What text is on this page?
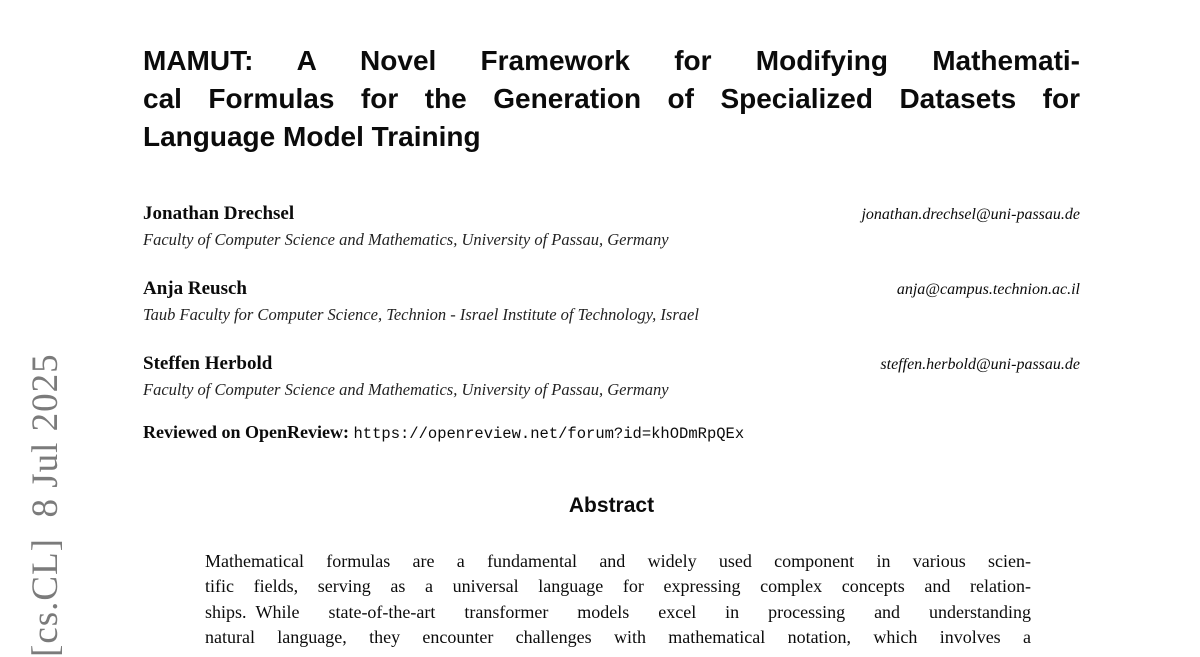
[cs.CL]  8 Jul 2025
MAMUT: A Novel Framework for Modifying Mathemati-
cal Formulas for the Generation of Specialized Datasets for
Language Model Training
Jonathan Drechsel	jonathan.drechsel@uni-passau.de
Faculty of Computer Science and Mathematics, University of Passau, Germany
Anja Reusch	anja@campus.technion.ac.il
Taub Faculty for Computer Science, Technion - Israel Institute of Technology, Israel
Steffen Herbold	steffen.herbold@uni-passau.de
Faculty of Computer Science and Mathematics, University of Passau, Germany
Reviewed on OpenReview: https://openreview.net/forum?id=khODmRpQEx
Abstract
Mathematical formulas are a fundamental and widely used component in various scien-
tific fields, serving as a universal language for expressing complex concepts and relation-
ships. While state-of-the-art transformer models excel in processing and understanding
natural language, they encounter challenges with mathematical notation, which involves a
